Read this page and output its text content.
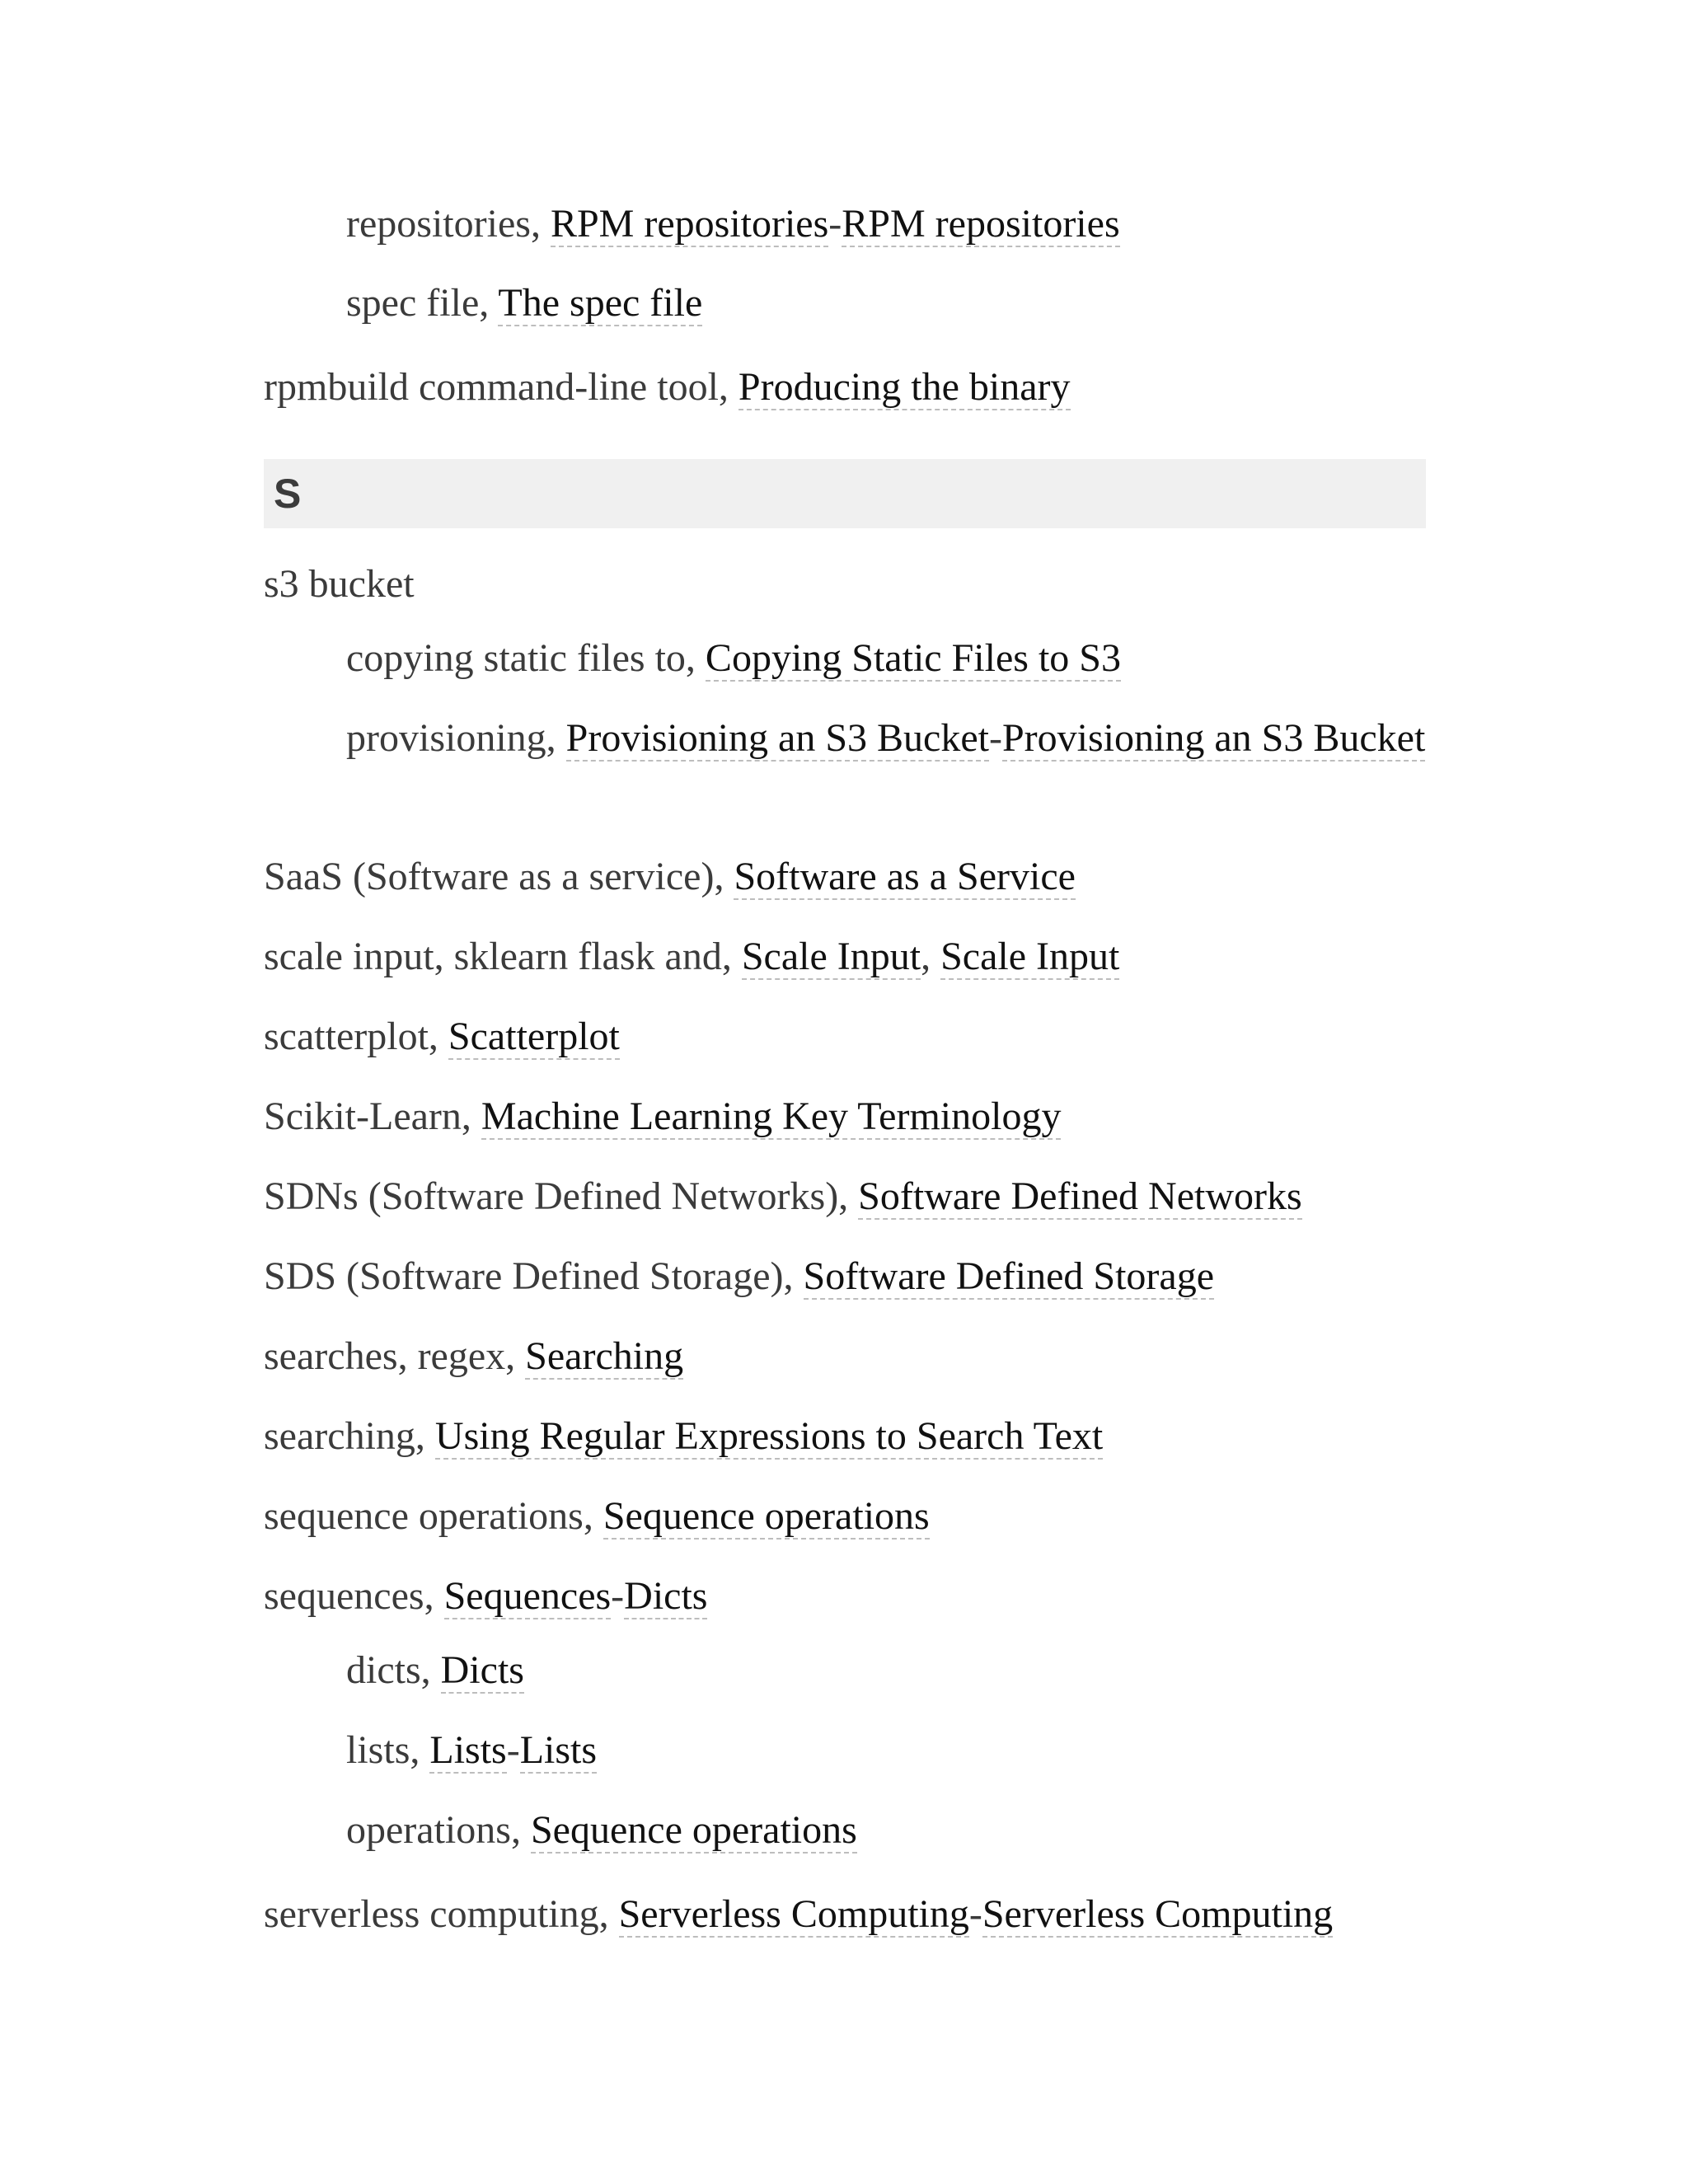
repositories, RPM repositories-RPM repositories
spec file, The spec file
rpmbuild command-line tool, Producing the binary
S
s3 bucket
copying static files to, Copying Static Files to S3
provisioning, Provisioning an S3 Bucket-Provisioning an S3 Bucket
SaaS (Software as a service), Software as a Service
scale input, sklearn flask and, Scale Input, Scale Input
scatterplot, Scatterplot
Scikit-Learn, Machine Learning Key Terminology
SDNs (Software Defined Networks), Software Defined Networks
SDS (Software Defined Storage), Software Defined Storage
searches, regex, Searching
searching, Using Regular Expressions to Search Text
sequence operations, Sequence operations
sequences, Sequences-Dicts
dicts, Dicts
lists, Lists-Lists
operations, Sequence operations
serverless computing, Serverless Computing-Serverless Computing
